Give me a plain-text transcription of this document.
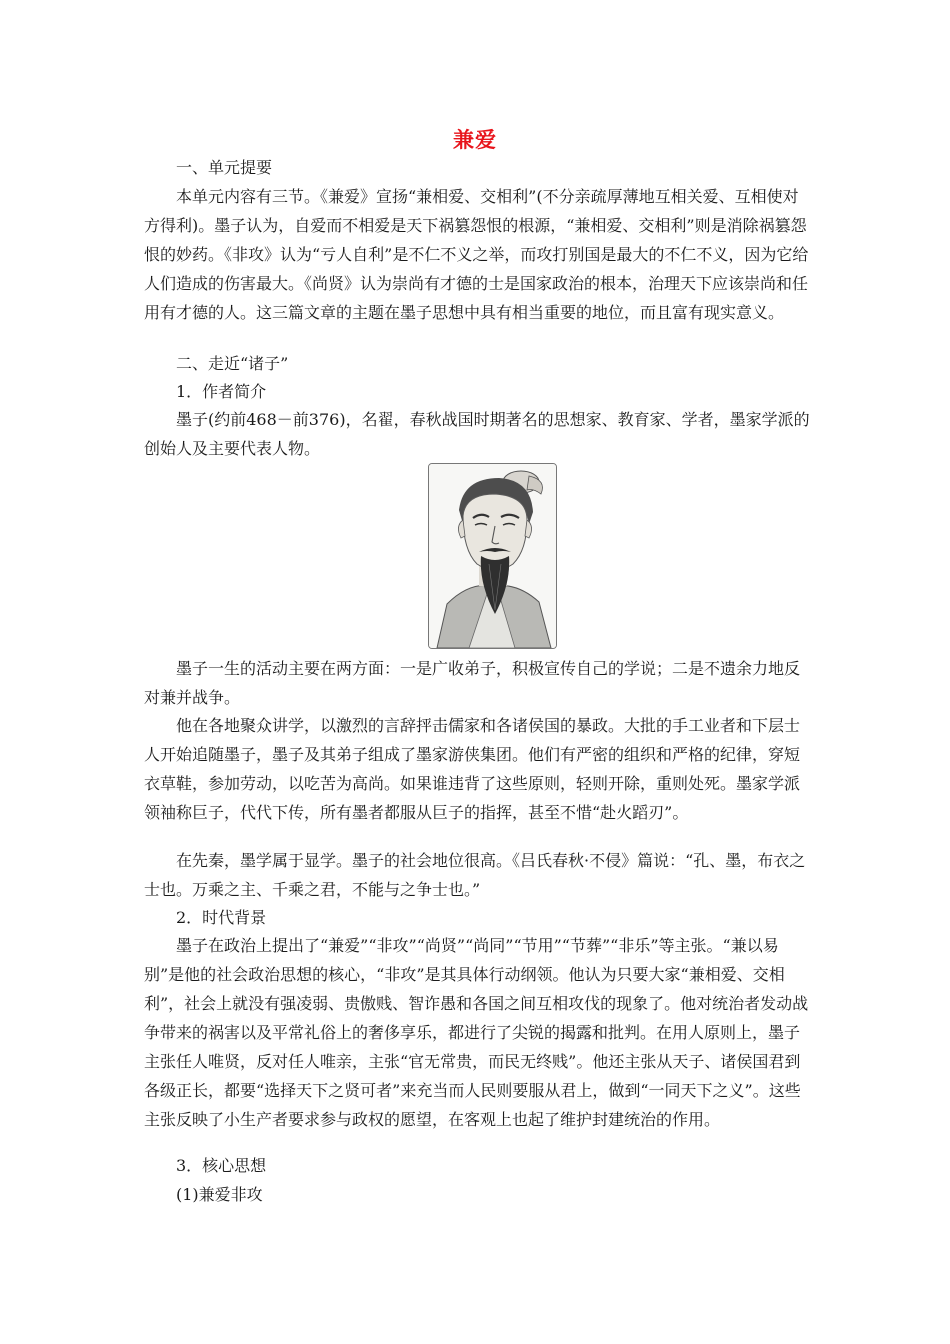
兼爱

一、单元提要

本单元内容有三节。《兼爱》宣扬“兼相爱、交相利”(不分亲疏厚薄地互相关爱、互相使对方得利)。墨子认为，自爱而不相爱是天下祸篡怨恨的根源，“兼相爱、交相利”则是消除祸篡怨恨的妙药。《非攻》认为“亏人自利”是不仁不义之举，而攻打别国是最大的不仁不义，因为它给人们造成的伤害最大。《尚贤》认为崇尚有才德的士是国家政治的根本，治理天下应该崇尚和任用有才德的人。这三篇文章的主题在墨子思想中具有相当重要的地位，而且富有现实意义。

二、走近“诸子”

1．作者简介

墨子(约前468－前376)，名翟，春秋战国时期著名的思想家、教育家、学者，墨家学派的创始人及主要代表人物。

墨子一生的活动主要在两方面：一是广收弟子，积极宣传自己的学说；二是不遗余力地反对兼并战争。

他在各地聚众讲学，以激烈的言辞抨击儒家和各诸侯国的暴政。大批的手工业者和下层士人开始追随墨子，墨子及其弟子组成了墨家游侠集团。他们有严密的组织和严格的纪律，穿短衣草鞋，参加劳动，以吃苦为高尚。如果谁违背了这些原则，轻则开除，重则处死。墨家学派领袖称巨子，代代下传，所有墨者都服从巨子的指挥，甚至不惜“赴火蹈刃”。

在先秦，墨学属于显学。墨子的社会地位很高。《吕氏春秋·不侵》篇说：“孔、墨，布衣之士也。万乘之主、千乘之君，不能与之争士也。”

2．时代背景

墨子在政治上提出了“兼爱”“非攻”“尚贤”“尚同”“节用”“节葬”“非乐”等主张。“兼以易别”是他的社会政治思想的核心，“非攻”是其具体行动纲领。他认为只要大家“兼相爱、交相利”，社会上就没有强凌弱、贵傲贱、智诈愚和各国之间互相攻伐的现象了。他对统治者发动战争带来的祸害以及平常礼俗上的奢侈享乐，都进行了尖锐的揭露和批判。在用人原则上，墨子主张任人唯贤，反对任人唯亲，主张“官无常贵，而民无终贱”。他还主张从天子、诸侯国君到各级正长，都要“选择天下之贤可者”来充当而人民则要服从君上，做到“一同天下之义”。这些主张反映了小生产者要求参与政权的愿望，在客观上也起了维护封建统治的作用。

3．核心思想

(1)兼爱非攻
